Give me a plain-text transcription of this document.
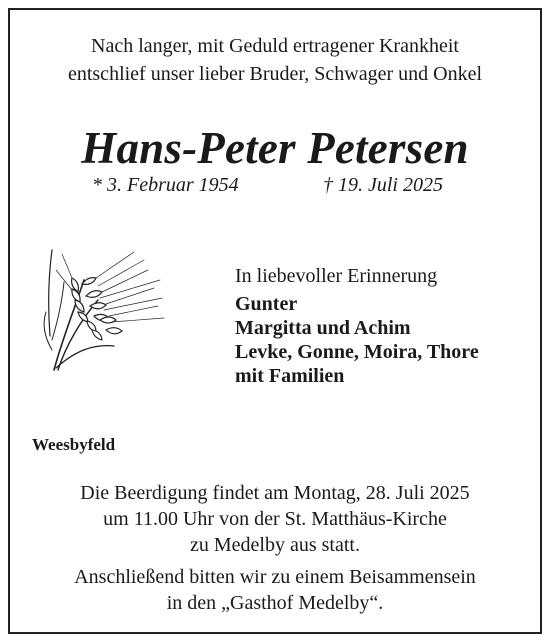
Nach langer, mit Geduld ertragener Krankheit
entschlief unser lieber Bruder, Schwager und Onkel
Hans-Peter Petersen
* 3. Februar 1954	† 19. Juli 2025
In liebevoller Erinnerung
Gunter
Margitta und Achim
Levke, Gonne, Moira, Thore
mit Familien
Weesbyfeld
Die Beerdigung findet am Montag, 28. Juli 2025
um 11.00 Uhr von der St. Matthäus-Kirche
zu Medelby aus statt.
Anschließend bitten wir zu einem Beisammensein
in den „Gasthof Medelby“.
